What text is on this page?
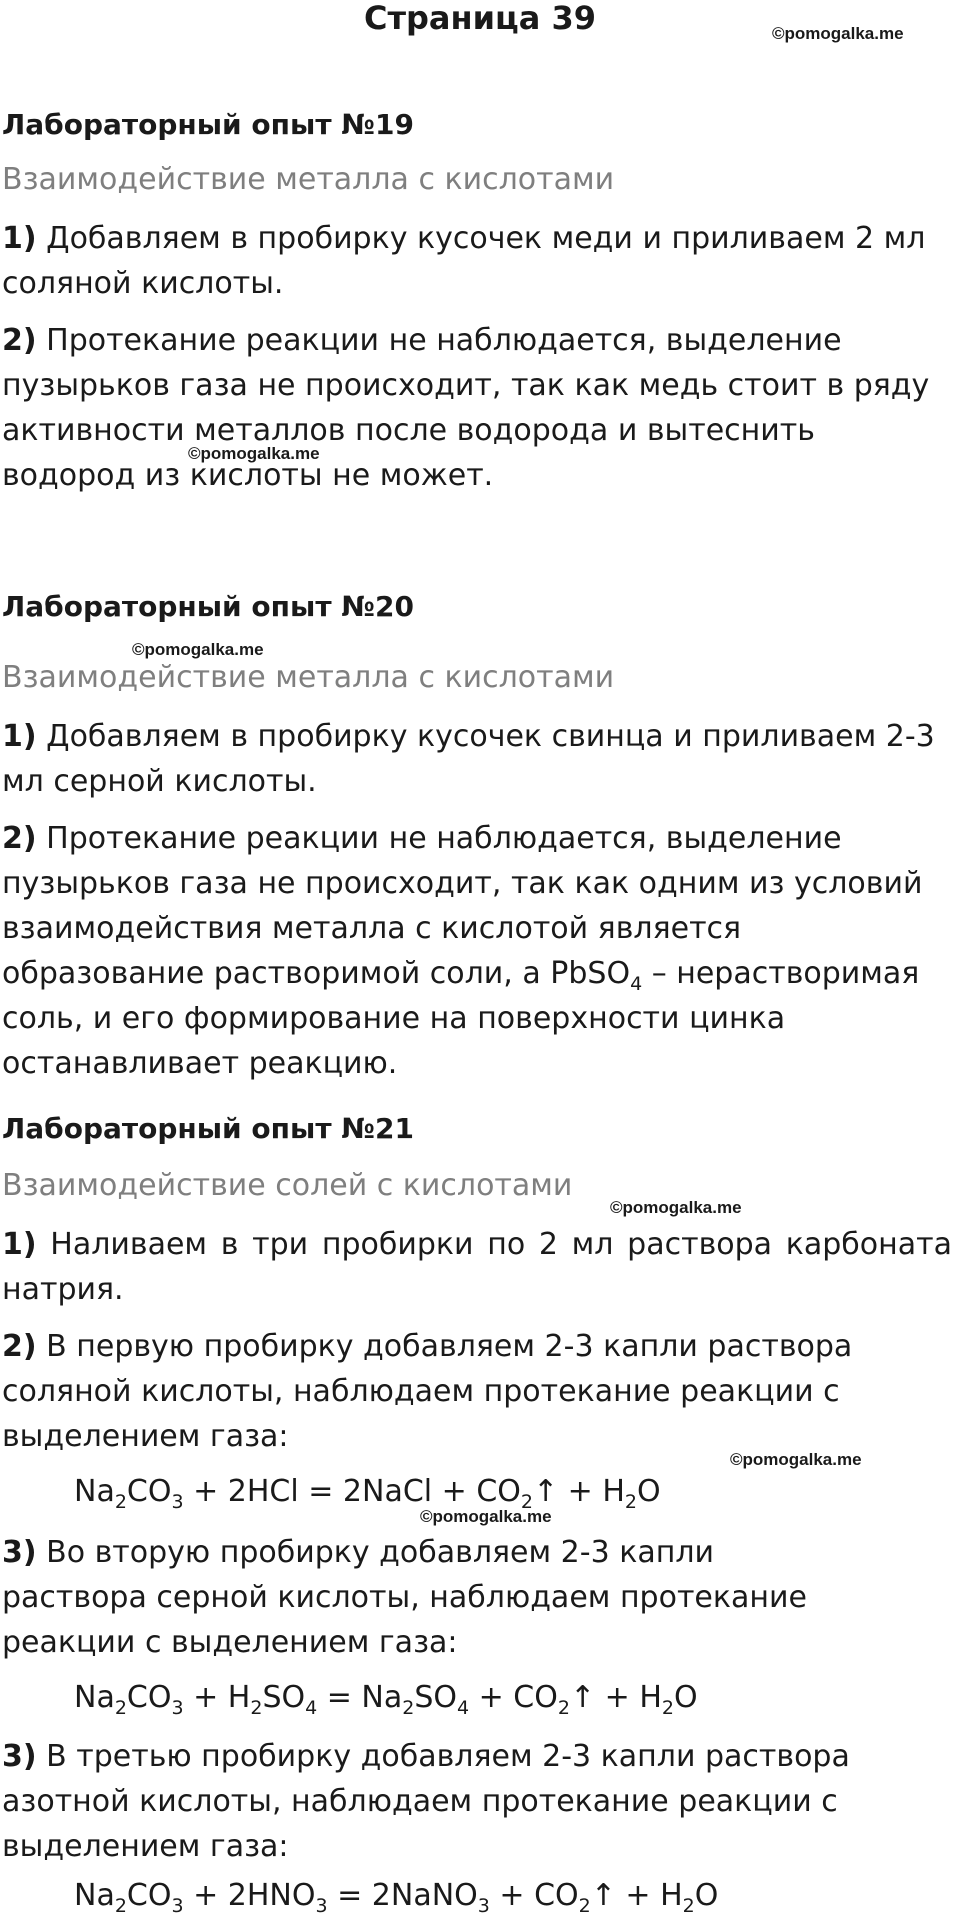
Страница 39	©pomogalka.me
Лабораторный опыт №19
Взаимодействие металла с кислотами

1) Добавляем в пробирку кусочек меди и приливаем 2 мл соляной кислоты.

2) Протекание реакции не наблюдается, выделение пузырьков газа не происходит, так как медь стоит в ряду активности металлов после водорода и вытеснить водород из кислоты не может.

©pomogalka.me
Лабораторный опыт №20
©pomogalka.me
Взаимодействие металла с кислотами

1) Добавляем в пробирку кусочек свинца и приливаем 2-3 мл серной кислоты.

2) Протекание реакции не наблюдается, выделение пузырьков газа не происходит, так как одним из условий взаимодействия металла с кислотой является образование растворимой соли, а PbSO$_4$ – нерастворимая соль, и его формирование на поверхности цинка останавливает реакцию.

Лабораторный опыт №21
Взаимодействие солей с кислотами
©pomogalka.me

1) Наливаем в три пробирки по 2 мл раствора карбоната натрия.

2) В первую пробирку добавляем 2-3 капли раствора соляной кислоты, наблюдаем протекание реакции с выделением газа:

©pomogalka.me
$Na_2CO_3 + 2HCl$ = 2NaCl + $CO_2↑ + H_2O$
©pomogalka.me

3) Во вторую пробирку добавляем 2-3 капли раствора серной кислоты, наблюдаем протекание реакции с выделением газа:

$Na_2CO_3 + H_2SO_4 = Na_2SO_4$ + $CO_2↑ + H_2O$

3) В третью пробирку добавляем 2-3 капли раствора азотной кислоты, наблюдаем протекание реакции с выделением газа:

$Na_2CO_3 + 2HNO_3$ = 2NaNO$_3$ + $CO_2↑ + H_2O$
